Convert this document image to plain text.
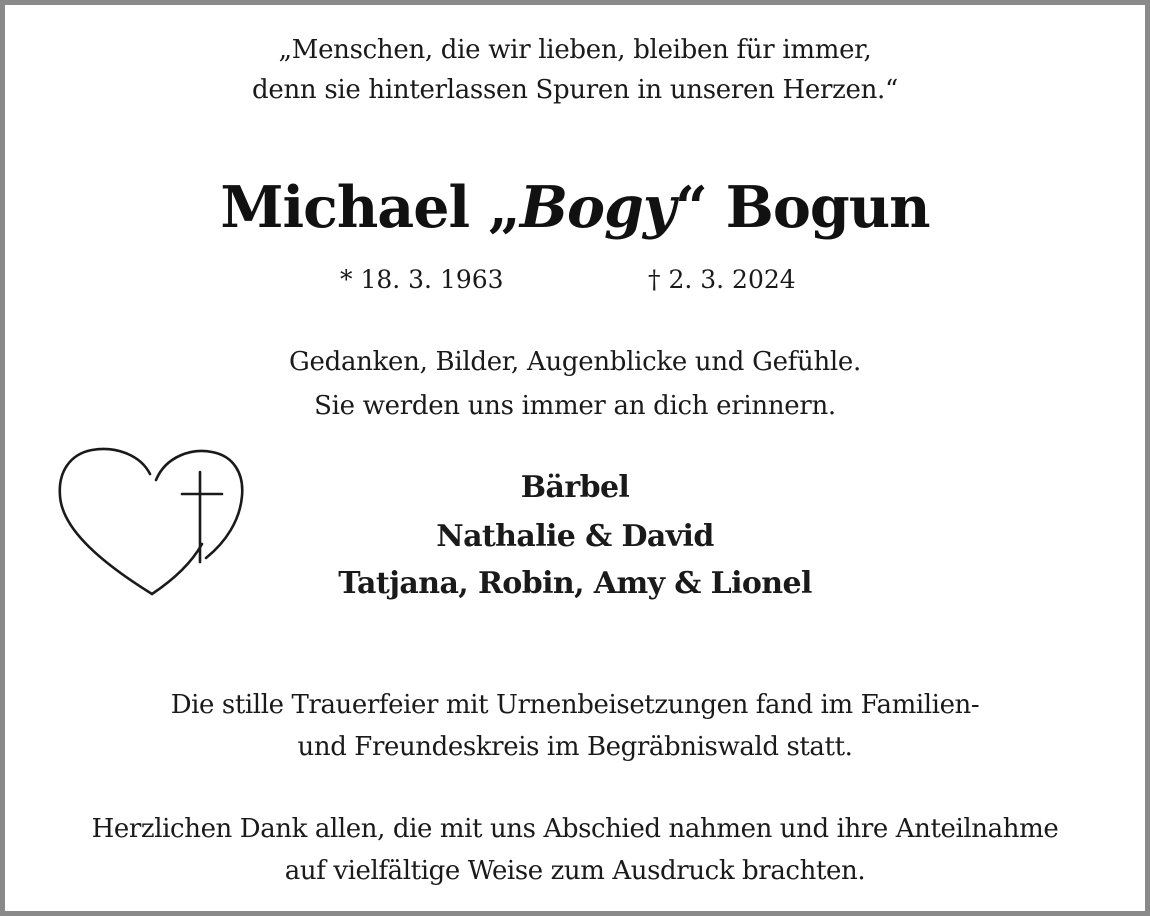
„Menschen, die wir lieben, bleiben für immer,
denn sie hinterlassen Spuren in unseren Herzen.“
Michael „Bogy“ Bogun
* 18. 3. 1963	† 2. 3. 2024
Gedanken, Bilder, Augenblicke und Gefühle.
Sie werden uns immer an dich erinnern.
Bärbel
Nathalie & David
Tatjana, Robin, Amy & Lionel
Die stille Trauerfeier mit Urnenbeisetzungen fand im Familien-
und Freundeskreis im Begräbniswald statt.
Herzlichen Dank allen, die mit uns Abschied nahmen und ihre Anteilnahme
auf vielfältige Weise zum Ausdruck brachten.
